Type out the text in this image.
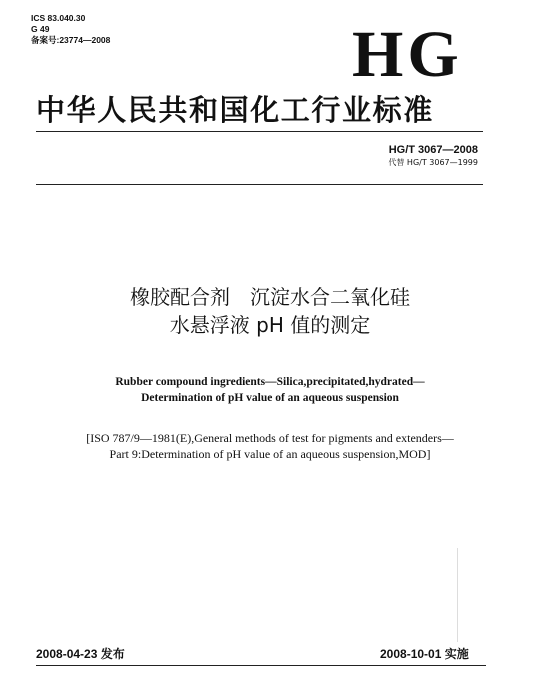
ICS 83.040.30
G 49
备案号:23774—2008	HG
中华人民共和国化工行业标准
HG/T 3067—2008
代替 HG/T 3067—1999
橡胶配合剂　沉淀水合二氧化硅
水悬浮液 pH 值的测定
Rubber compound ingredients—Silica,precipitated,hydrated—
Determination of pH value of an aqueous suspension
[ISO 787/9—1981(E),General methods of test for pigments and extenders—
Part 9:Determination of pH value of an aqueous suspension,MOD]
2008-04-23 发布	2008-10-01 实施
